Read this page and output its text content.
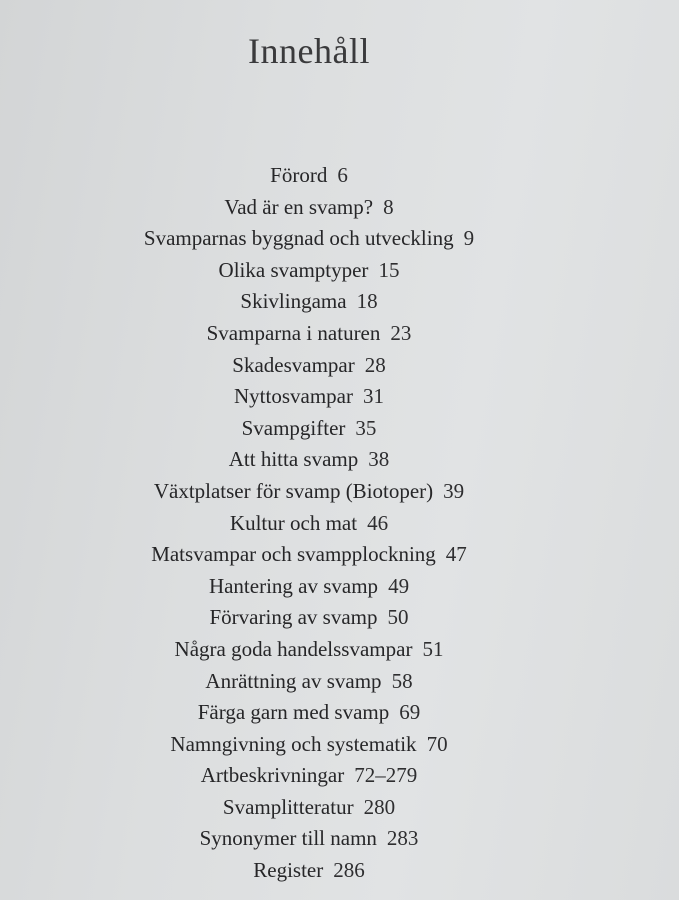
Innehåll
Förord 6
Vad är en svamp? 8
Svamparnas byggnad och utveckling 9
Olika svamptyper 15
Skivlingama 18
Svamparna i naturen 23
Skadesvampar 28
Nyttosvampar 31
Svampgifter 35
Att hitta svamp 38
Växtplatser för svamp (Biotoper) 39
Kultur och mat 46
Matsvampar och svampplockning 47
Hantering av svamp 49
Förvaring av svamp 50
Några goda handelssvampar 51
Anrättning av svamp 58
Färga garn med svamp 69
Namngivning och systematik 70
Artbeskrivningar 72–279
Svamplitteratur 280
Synonymer till namn 283
Register 286
